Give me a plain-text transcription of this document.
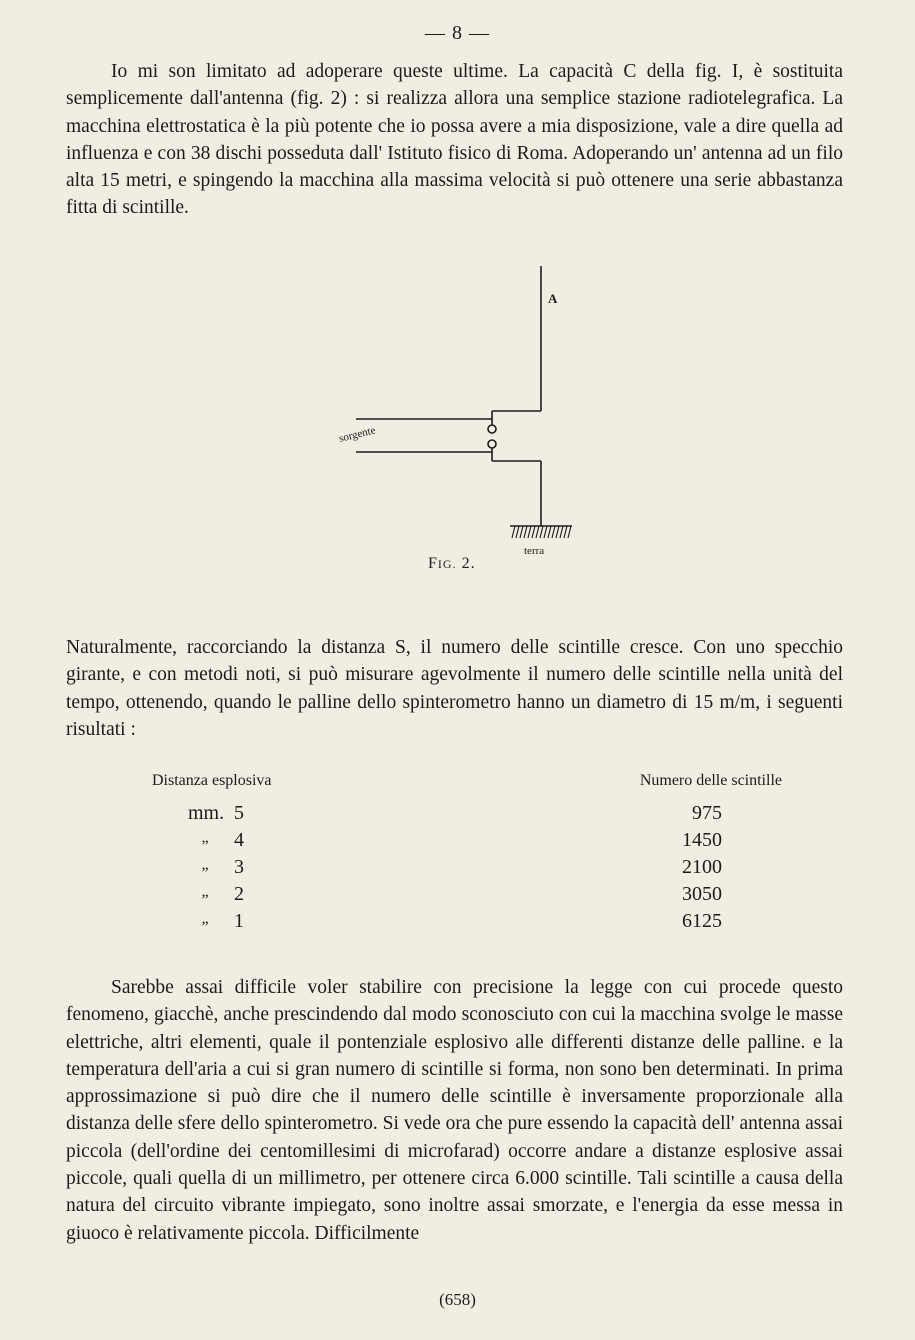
— 8 —

Io mi son limitato ad adoperare queste ultime. La capacità C della fig. I, è sostituita semplicemente dall'antenna (fig. 2) : si realizza allora una semplice stazione radiotelegrafica. La macchina elettrostatica è la più potente che io possa avere a mia disposizione, vale a dire quella ad influenza e con 38 dischi posseduta dall' Istituto fisico di Roma. Adoperando un' antenna ad un filo alta 15 metri, e spingendo la macchina alla massima velocità si può ottenere una serie abbastanza fitta di scintille.

A
sorgente
terra
FIG. 2.

Naturalmente, raccorciando la distanza S, il numero delle scintille cresce. Con uno specchio girante, e con metodi noti, si può misurare agevolmente il numero delle scintille nella unità del tempo, ottenendo, quando le palline dello spinterometro hanno un diametro di 15 m/m, i seguenti risultati :

Distanza esplosiva	Numero delle scintille
mm. 5	975
„ 4	1450
„ 3	2100
„ 2	3050
„ 1	6125

Sarebbe assai difficile voler stabilire con precisione la legge con cui procede questo fenomeno, giacchè, anche prescindendo dal modo sconosciuto con cui la macchina svolge le masse elettriche, altri elementi, quale il pontenziale esplosivo alle differenti distanze delle palline. e la temperatura dell'aria a cui si gran numero di scintille si forma, non sono ben determinati. In prima approssimazione si può dire che il numero delle scintille è inversamente proporzionale alla distanza delle sfere dello spinterometro. Si vede ora che pure essendo la capacità dell' antenna assai piccola (dell'ordine dei centomillesimi di microfarad) occorre andare a distanze esplosive assai piccole, quali quella di un millimetro, per ottenere circa 6.000 scintille. Tali scintille a causa della natura del circuito vibrante impiegato, sono inoltre assai smorzate, e l'energia da esse messa in giuoco è relativamente piccola. Difficilmente

(658)
